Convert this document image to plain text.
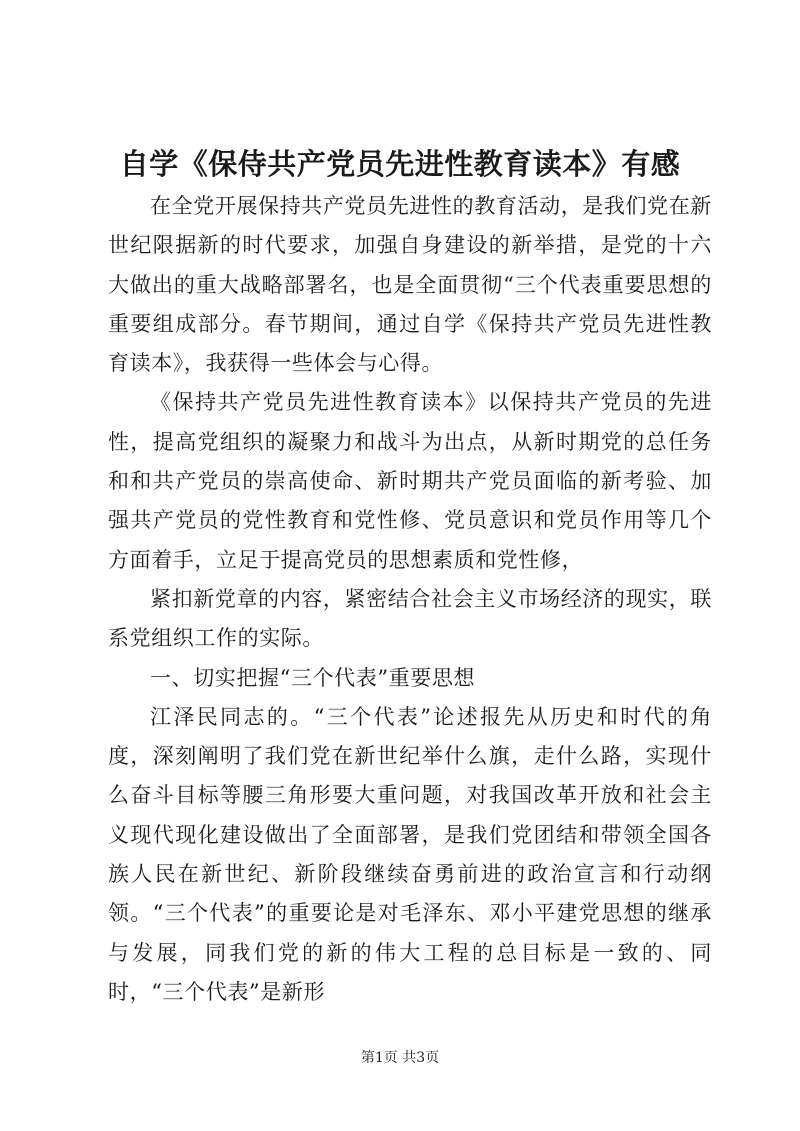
自学《保侍共产党员先进性教育读本》有感

在全党开展保持共产党员先进性的教育活动，是我们党在新世纪限据新的时代要求，加强自身建设的新举措，是党的十六大做出的重大战略部署名，也是全面贯彻“三个代表重要思想的重要组成部分。春节期间，通过自学《保持共产党员先进性教育读本》，我获得一些体会与心得。

《保持共产党员先进性教育读本》以保持共产党员的先进性，提高党组织的凝聚力和战斗为出点，从新时期党的总任务和和共产党员的崇高使命、新时期共产党员面临的新考验、加强共产党员的党性教育和党性修、党员意识和党员作用等几个方面着手，立足于提高党员的思想素质和党性修，

紧扣新党章的内容，紧密结合社会主义市场经济的现实，联系党组织工作的实际。

一、切实把握“三个代表”重要思想

江泽民同志的。“三个代表”论述报先从历史和时代的角度，深刻阐明了我们党在新世纪举什么旗，走什么路，实现什么奋斗目标等腰三角形要大重问题，对我国改革开放和社会主义现代现化建设做出了全面部署，是我们党团结和带领全国各族人民在新世纪、新阶段继续奋勇前进的政治宣言和行动纲领。“三个代表”的重要论是对毛泽东、邓小平建党思想的继承与发展，同我们党的新的伟大工程的总目标是一致的、同时，“三个代表”是新形

第1页 共3页
